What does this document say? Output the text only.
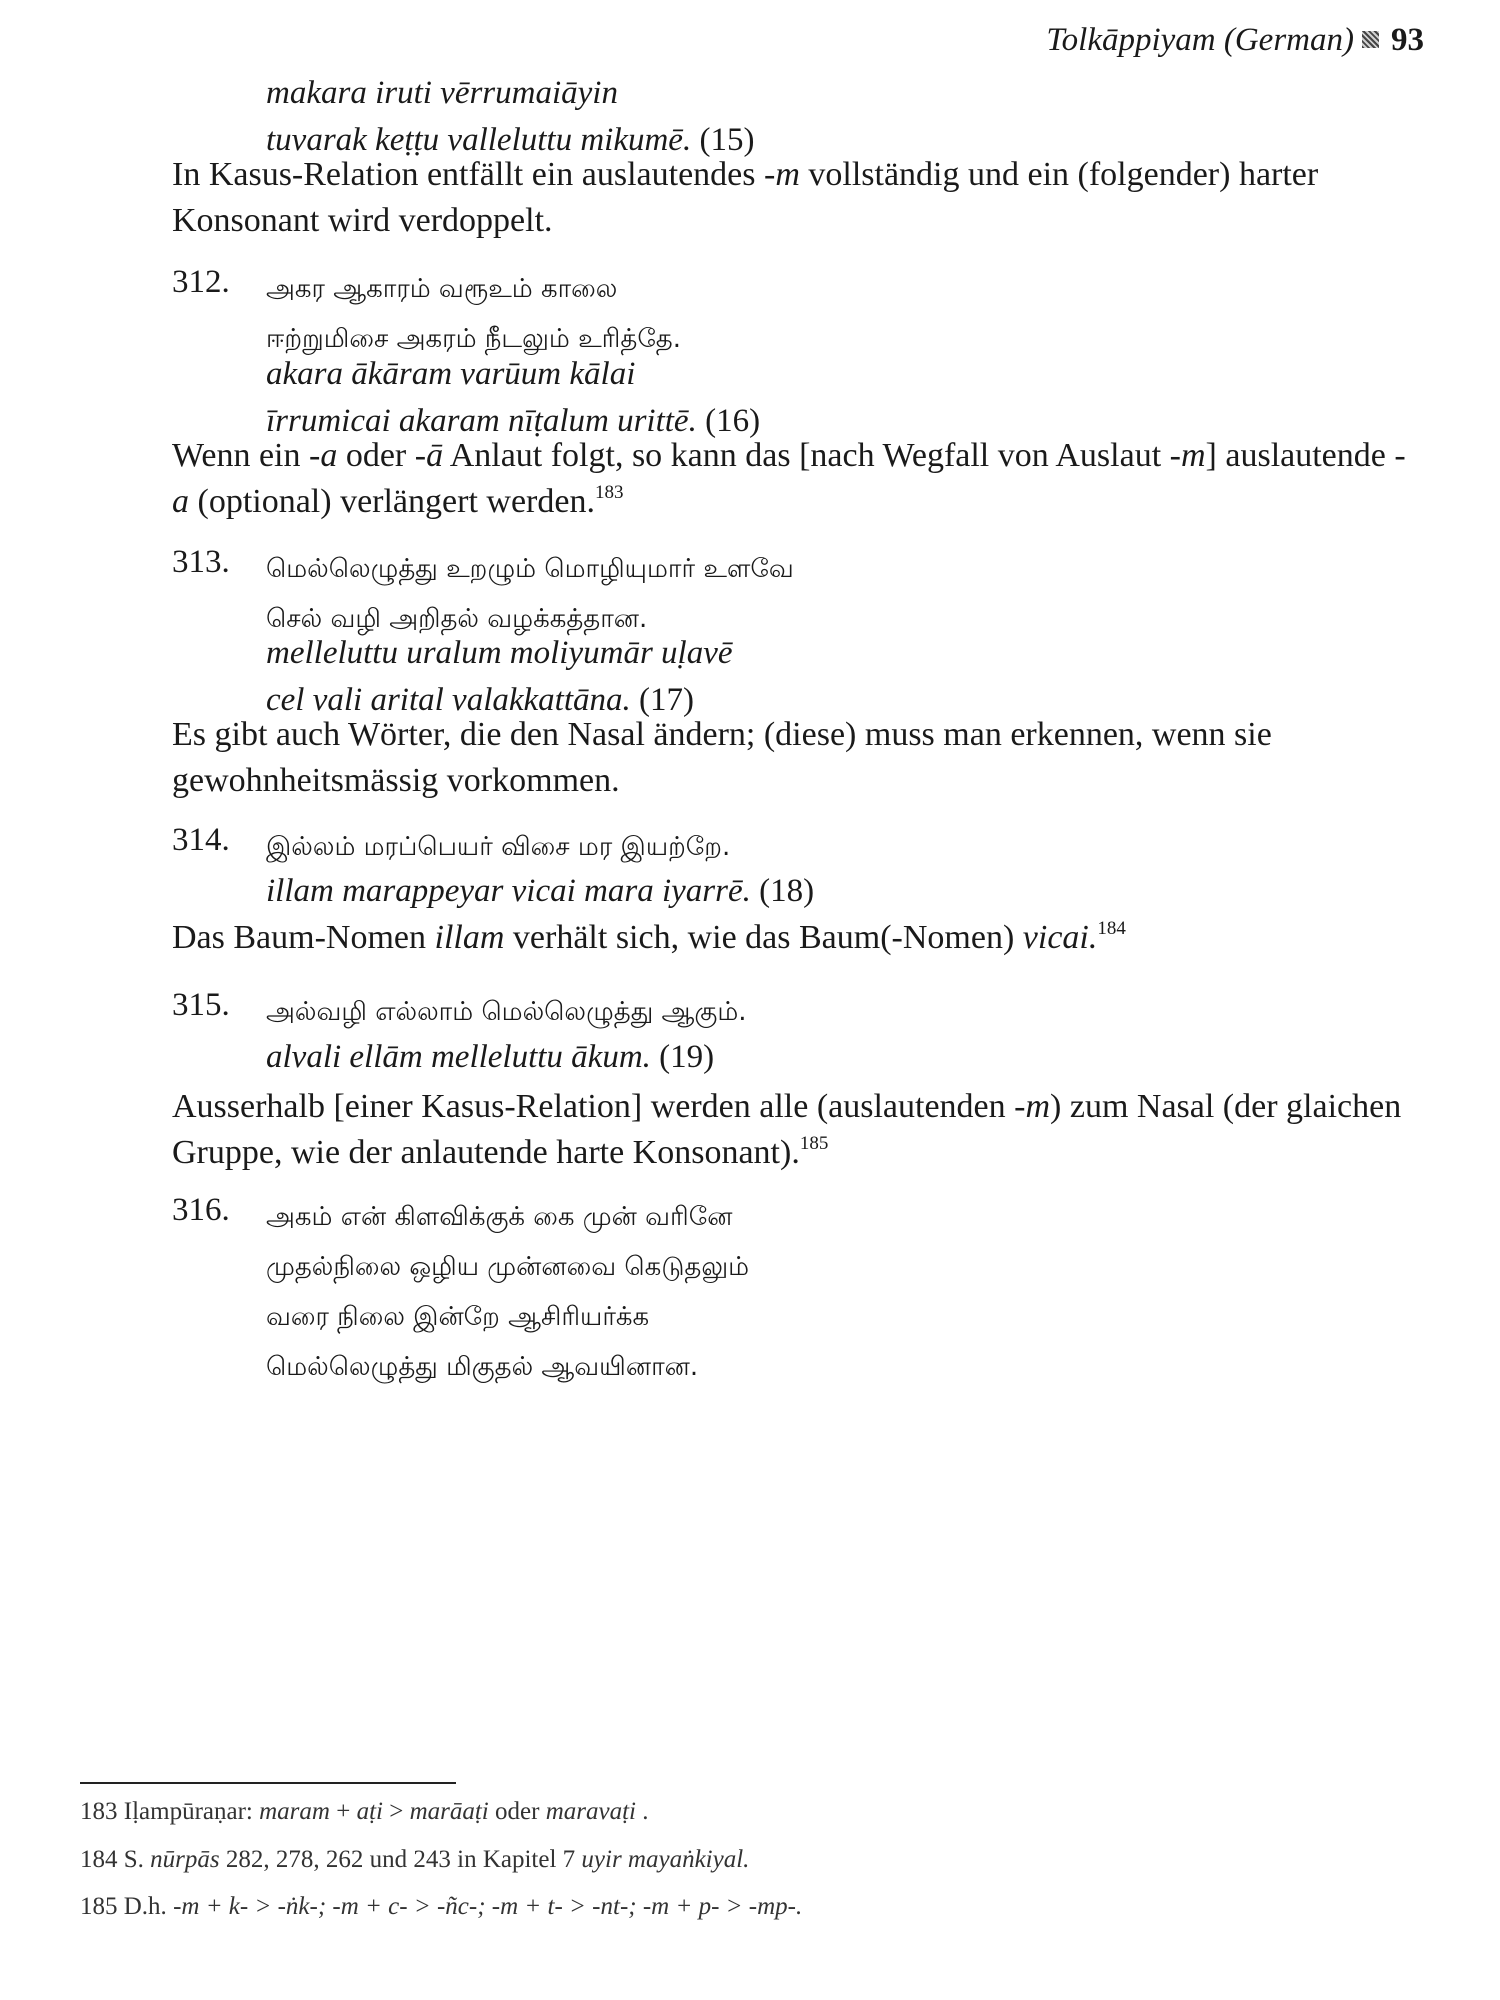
Tolkāppiyam (German) 93
makara iruti vērrumaiāyin
tuvarak keṭṭu valleluttu mikumē. (15)
In Kasus-Relation entfällt ein auslautendes -m vollständig und ein (folgender) harter Konsonant wird verdoppelt.
312. அகர ஆகாரம் வரூஉம் காலை
ஈற்றுமிசை அகரம் நீடலும் உரித்தே.
akara ākāram varūum kālai
īrrumicai akaram nīṭalum urittē. (16)
Wenn ein -a oder -ā Anlaut folgt, so kann das [nach Wegfall von Auslaut -m] auslautende -a (optional) verlängert werden.$^{183}$
313. மெல்லெழுத்து உறழும் மொழியுமார் உளவே
செல் வழி அறிதல் வழக்கத்தான.
melleluttu uralum moliyumār uḷavē
cel vali arital valakkattāna. (17)
Es gibt auch Wörter, die den Nasal ändern; (diese) muss man erkennen, wenn sie gewohnheitsmässig vorkommen.
314. இல்லம் மரப்பெயர் விசை மர இயற்றே.
illam marappeyar vicai mara iyarrē. (18)
Das Baum-Nomen illam verhält sich, wie das Baum(-Nomen) vicai.$^{184}$
315. அல்வழி எல்லாம் மெல்லெழுத்து ஆகும்.
alvali ellām melleluttu ākum. (19)
Ausserhalb [einer Kasus-Relation] werden alle (auslautenden -m) zum Nasal (der glaichen Gruppe, wie der anlautende harte Konsonant).$^{185}$
316. அகம் என் கிளவிக்குக் கை முன் வரினே
முதல்நிலை ஒழிய முன்னவை கெடுதலும்
வரை நிலை இன்றே ஆசிரியர்க்க
மெல்லெழுத்து மிகுதல் ஆவயினான.
183 Iḷampūraṇar: maram + aṭi > marāaṭi oder maravaṭi .
184 S. nūrpās 282, 278, 262 und 243 in Kapitel 7 uyir mayaṅkiyal.
185 D.h. -m + k- > -ṅk-; -m + c- > -ñc-; -m + t- > -nt-; -m + p- > -mp-.
